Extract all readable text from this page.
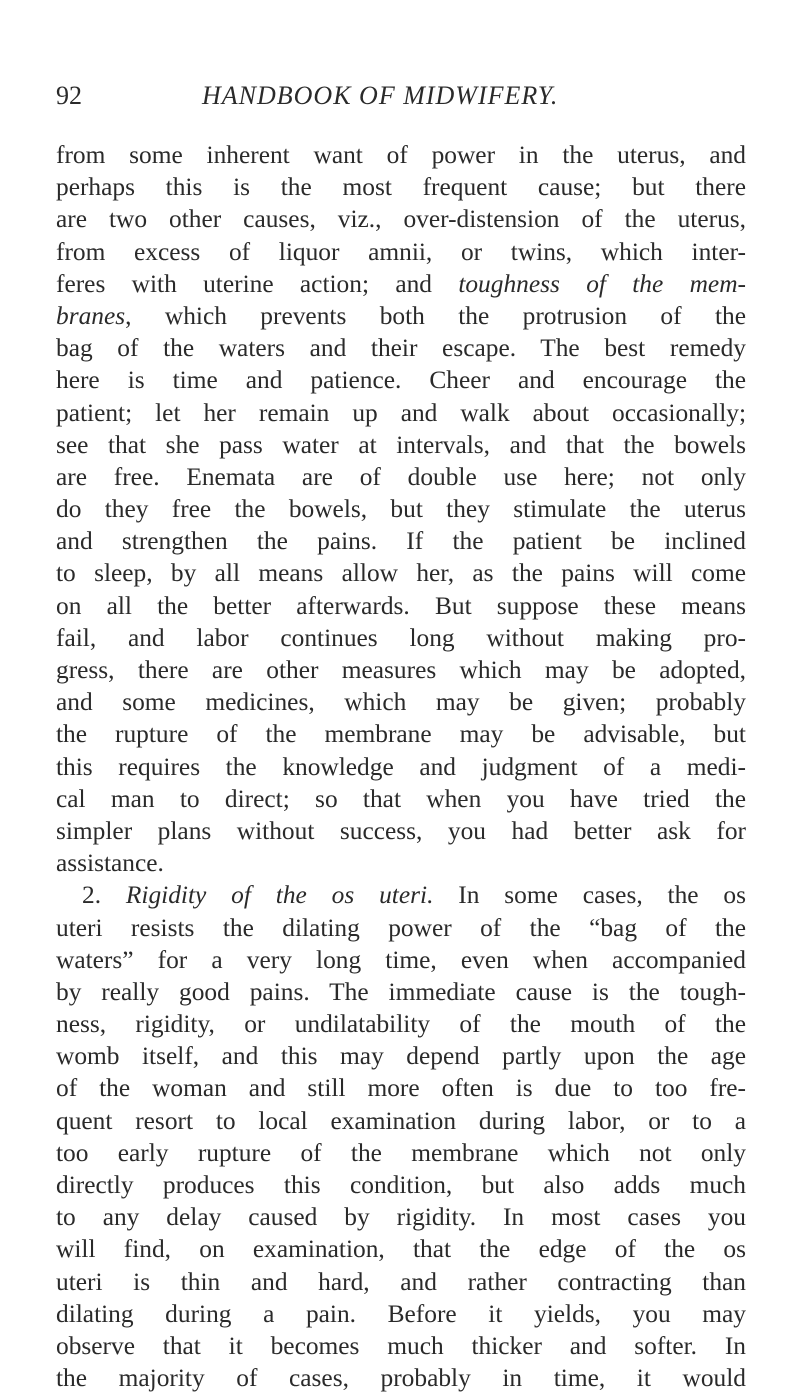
92	HANDBOOK OF MIDWIFERY.
from some inherent want of power in the uterus, and
perhaps this is the most frequent cause; but there
are two other causes, viz., over-distension of the uterus,
from excess of liquor amnii, or twins, which inter-
feres with uterine action; and toughness of the mem-
branes, which prevents both the protrusion of the
bag of the waters and their escape. The best remedy
here is time and patience. Cheer and encourage the
patient; let her remain up and walk about occasionally;
see that she pass water at intervals, and that the bowels
are free. Enemata are of double use here; not only
do they free the bowels, but they stimulate the uterus
and strengthen the pains. If the patient be inclined
to sleep, by all means allow her, as the pains will come
on all the better afterwards. But suppose these means
fail, and labor continues long without making pro-
gress, there are other measures which may be adopted,
and some medicines, which may be given; probably
the rupture of the membrane may be advisable, but
this requires the knowledge and judgment of a medi-
cal man to direct; so that when you have tried the
simpler plans without success, you had better ask for
assistance.
2. Rigidity of the os uteri. In some cases, the os
uteri resists the dilating power of the “bag of the
waters” for a very long time, even when accompanied
by really good pains. The immediate cause is the tough-
ness, rigidity, or undilatability of the mouth of the
womb itself, and this may depend partly upon the age
of the woman and still more often is due to too fre-
quent resort to local examination during labor, or to a
too early rupture of the membrane which not only
directly produces this condition, but also adds much
to any delay caused by rigidity. In most cases you
will find, on examination, that the edge of the os
uteri is thin and hard, and rather contracting than
dilating during a pain. Before it yields, you may
observe that it becomes much thicker and softer. In
the majority of cases, probably in time, it would
